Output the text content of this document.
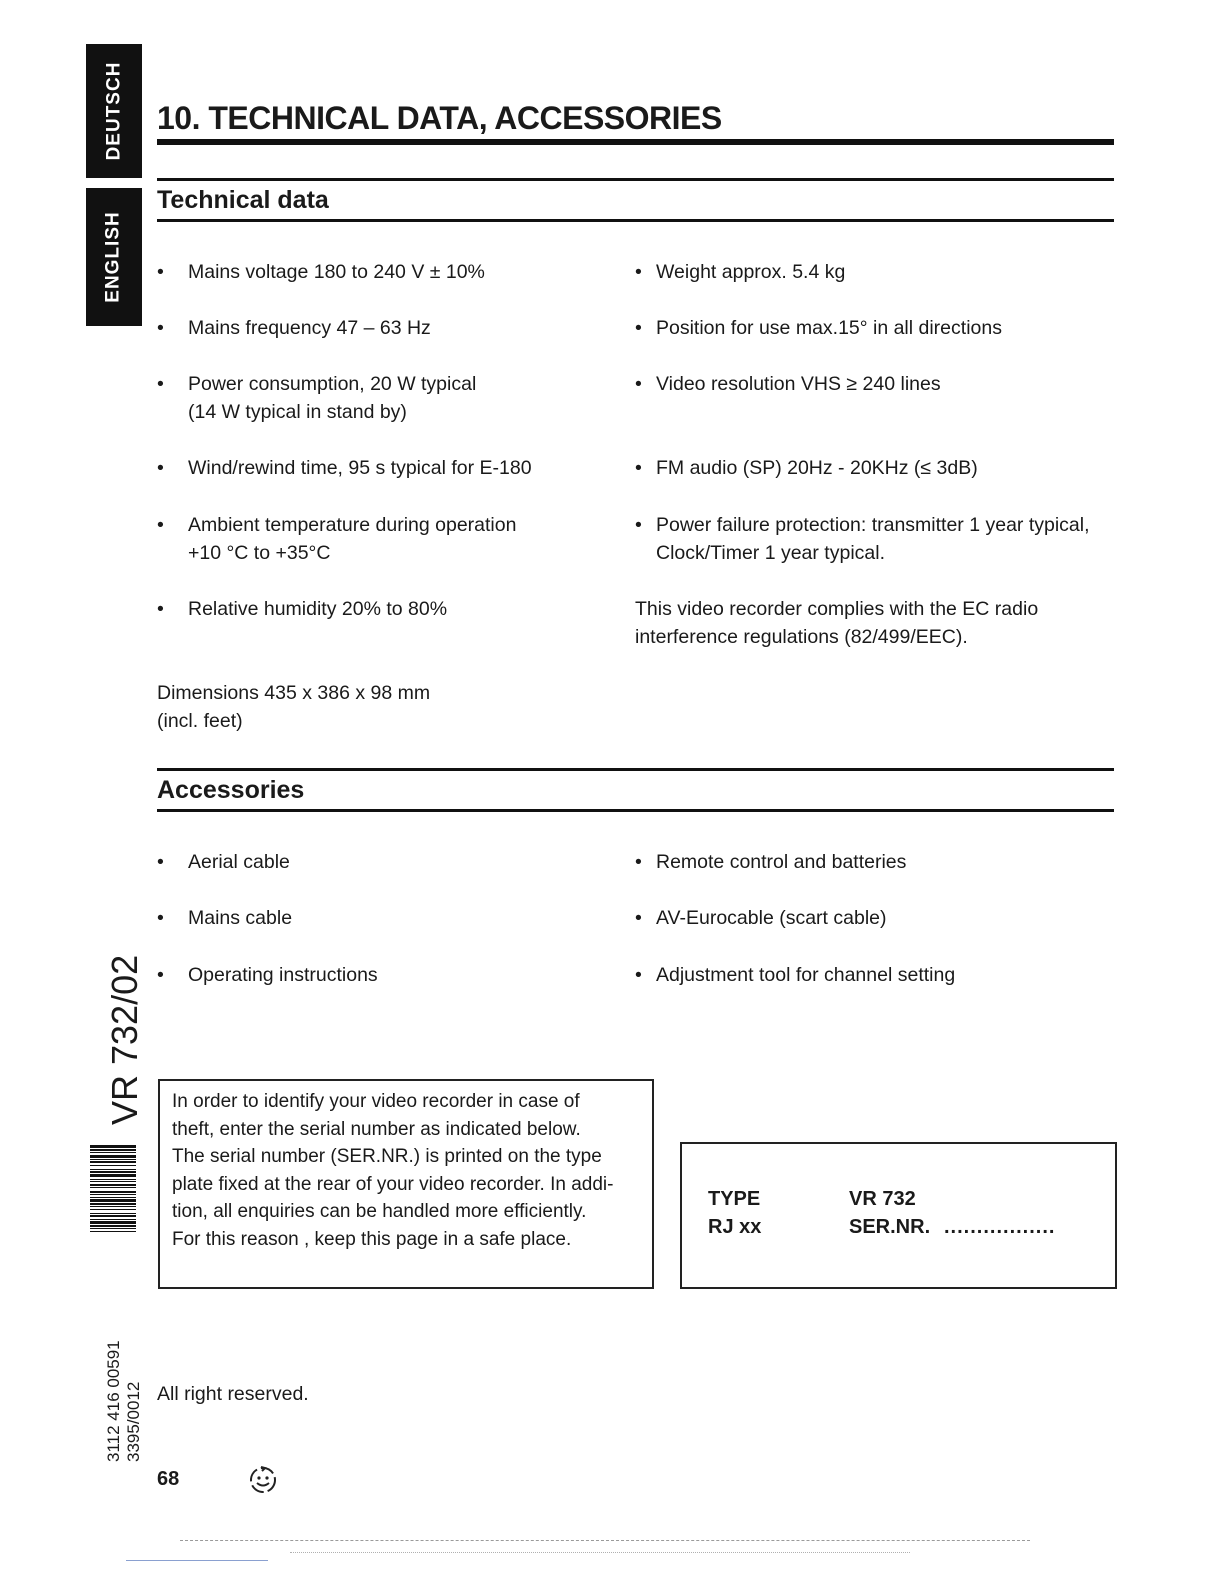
DEUTSCH
ENGLISH
VR 732/02
3112 416 00591 3395/0012
10. TECHNICAL DATA, ACCESSORIES
Technical data
• Mains voltage 180 to 240 V ± 10%
• Mains frequency 47 – 63 Hz
• Power consumption, 20 W typical
(14 W typical in stand by)
• Wind/rewind time, 95 s typical for E-180
• Ambient temperature during operation
+10 °C to +35°C
• Relative humidity 20% to 80%
• Weight approx. 5.4 kg
• Position for use max.15° in all directions
• Video resolution VHS ≥ 240 lines
• FM audio (SP) 20Hz - 20KHz (≤ 3dB)
• Power failure protection: transmitter 1 year typical,
Clock/Timer 1 year typical.
This video recorder complies with the EC radio
interference regulations (82/499/EEC).
Dimensions 435 x 386 x 98 mm
(incl. feet)
Accessories
• Aerial cable
• Mains cable
• Operating instructions
• Remote control and batteries
• AV-Eurocable (scart cable)
• Adjustment tool for channel setting
In order to identify your video recorder in case of
theft, enter the serial number as indicated below.
The serial number (SER.NR.) is printed on the type
plate fixed at the rear of your video recorder. In addi-
tion, all enquiries can be handled more efficiently.
For this reason , keep this page in a safe place.
TYPE	VR 732
RJ xx	SER.NR. .................
All right reserved.
68
